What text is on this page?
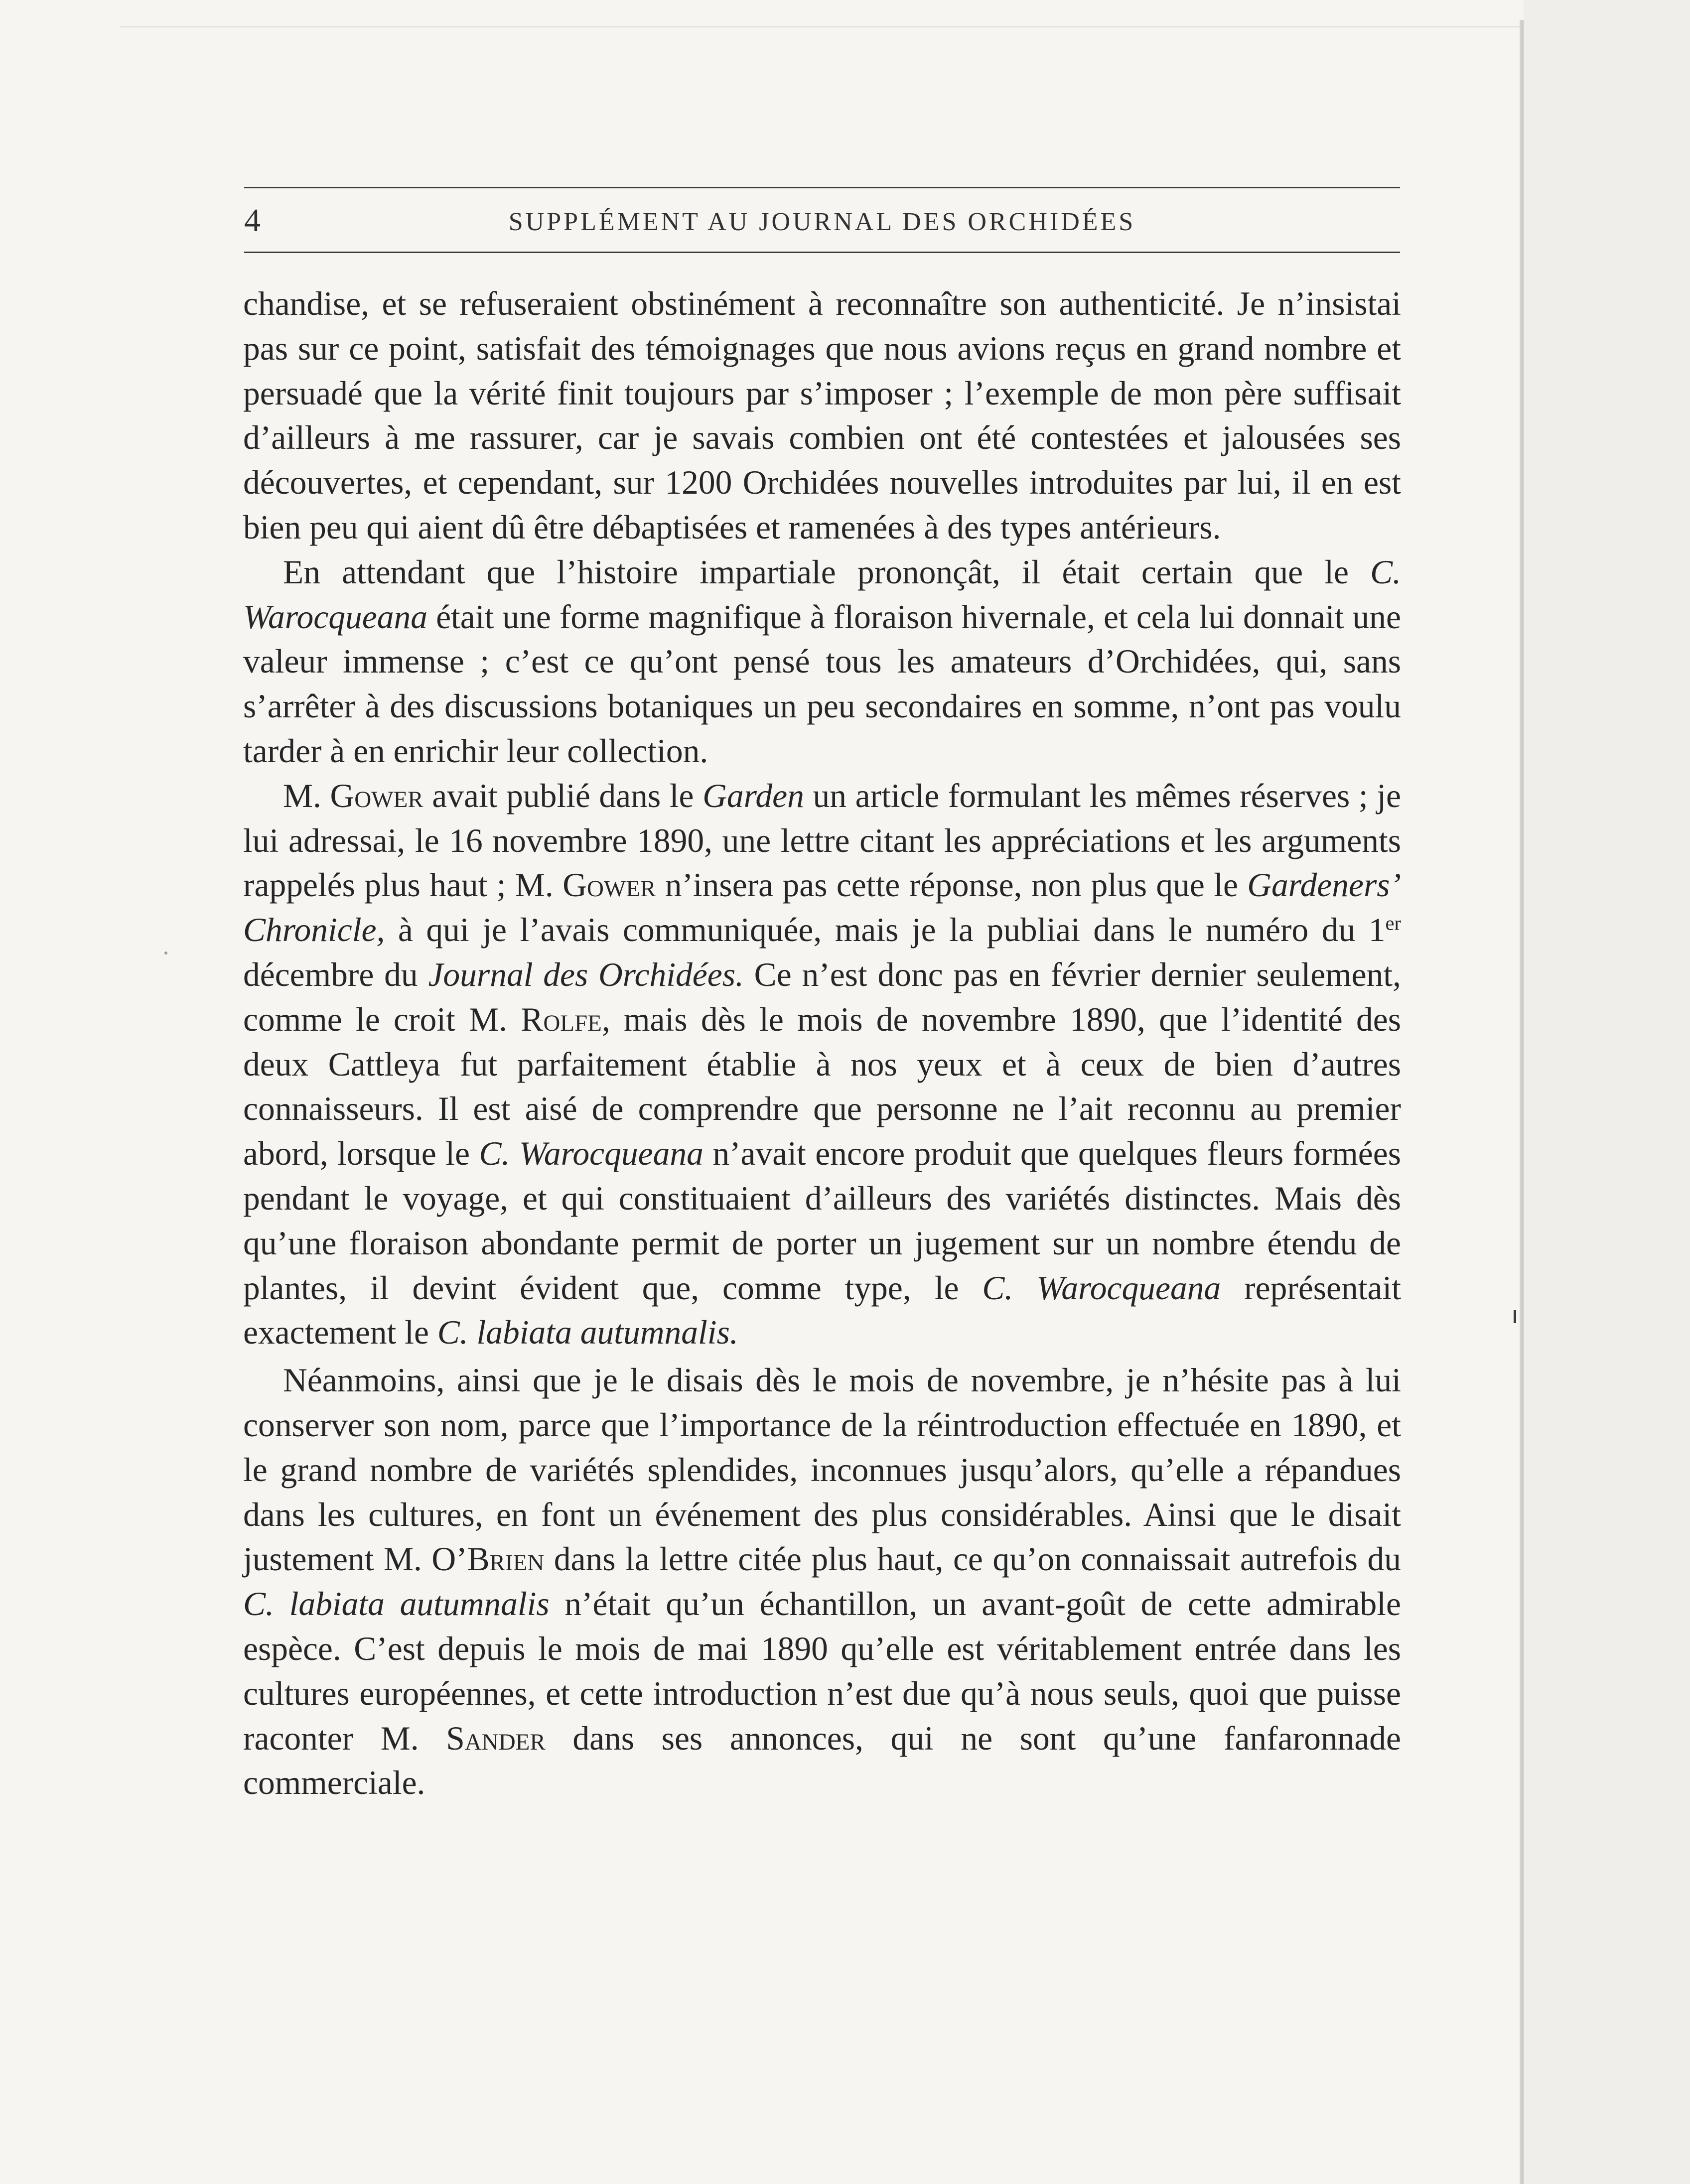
4	SUPPLÉMENT AU JOURNAL DES ORCHIDÉES

chandise, et se refuseraient obstinément à reconnaître son authenticité. Je n’insistai pas sur ce point, satisfait des témoignages que nous avions reçus en grand nombre et persuadé que la vérité finit toujours par s’imposer ; l’exemple de mon père suffisait d’ailleurs à me rassurer, car je savais combien ont été contestées et jalousées ses découvertes, et cependant, sur 1200 Orchidées nouvelles introduites par lui, il en est bien peu qui aient dû être débaptisées et ramenées à des types antérieurs.

En attendant que l’histoire impartiale prononçât, il était certain que le C. Warocqueana était une forme magnifique à floraison hivernale, et cela lui donnait une valeur immense ; c’est ce qu’ont pensé tous les amateurs d’Orchidées, qui, sans s’arrêter à des discussions botaniques un peu secondaires en somme, n’ont pas voulu tarder à en enrichir leur collection.

M. Gower avait publié dans le Garden un article formulant les mêmes réserves ; je lui adressai, le 16 novembre 1890, une lettre citant les appréciations et les arguments rappelés plus haut ; M. Gower n’insera pas cette réponse, non plus que le Gardeners’ Chronicle, à qui je l’avais communiquée, mais je la publiai dans le numéro du 1er décembre du Journal des Orchidées. Ce n’est donc pas en février dernier seulement, comme le croit M. Rolfe, mais dès le mois de novembre 1890, que l’identité des deux Cattleya fut parfaitement établie à nos yeux et à ceux de bien d’autres connaisseurs. Il est aisé de comprendre que personne ne l’ait reconnu au premier abord, lorsque le C. Warocqueana n’avait encore produit que quelques fleurs formées pendant le voyage, et qui constituaient d’ailleurs des variétés distinctes. Mais dès qu’une floraison abondante permit de porter un jugement sur un nombre étendu de plantes, il devint évident que, comme type, le C. Warocqueana représentait exactement le C. labiata autumnalis.

Néanmoins, ainsi que je le disais dès le mois de novembre, je n’hésite pas à lui conserver son nom, parce que l’importance de la réintroduction effectuée en 1890, et le grand nombre de variétés splendides, inconnues jusqu’alors, qu’elle a répandues dans les cultures, en font un événement des plus considérables. Ainsi que le disait justement M. O’Brien dans la lettre citée plus haut, ce qu’on connaissait autrefois du C. labiata autumnalis n’était qu’un échantillon, un avant-goût de cette admirable espèce. C’est depuis le mois de mai 1890 qu’elle est véritablement entrée dans les cultures européennes, et cette introduction n’est due qu’à nous seuls, quoi que puisse raconter M. Sander dans ses annonces, qui ne sont qu’une fanfaronnade commerciale.
